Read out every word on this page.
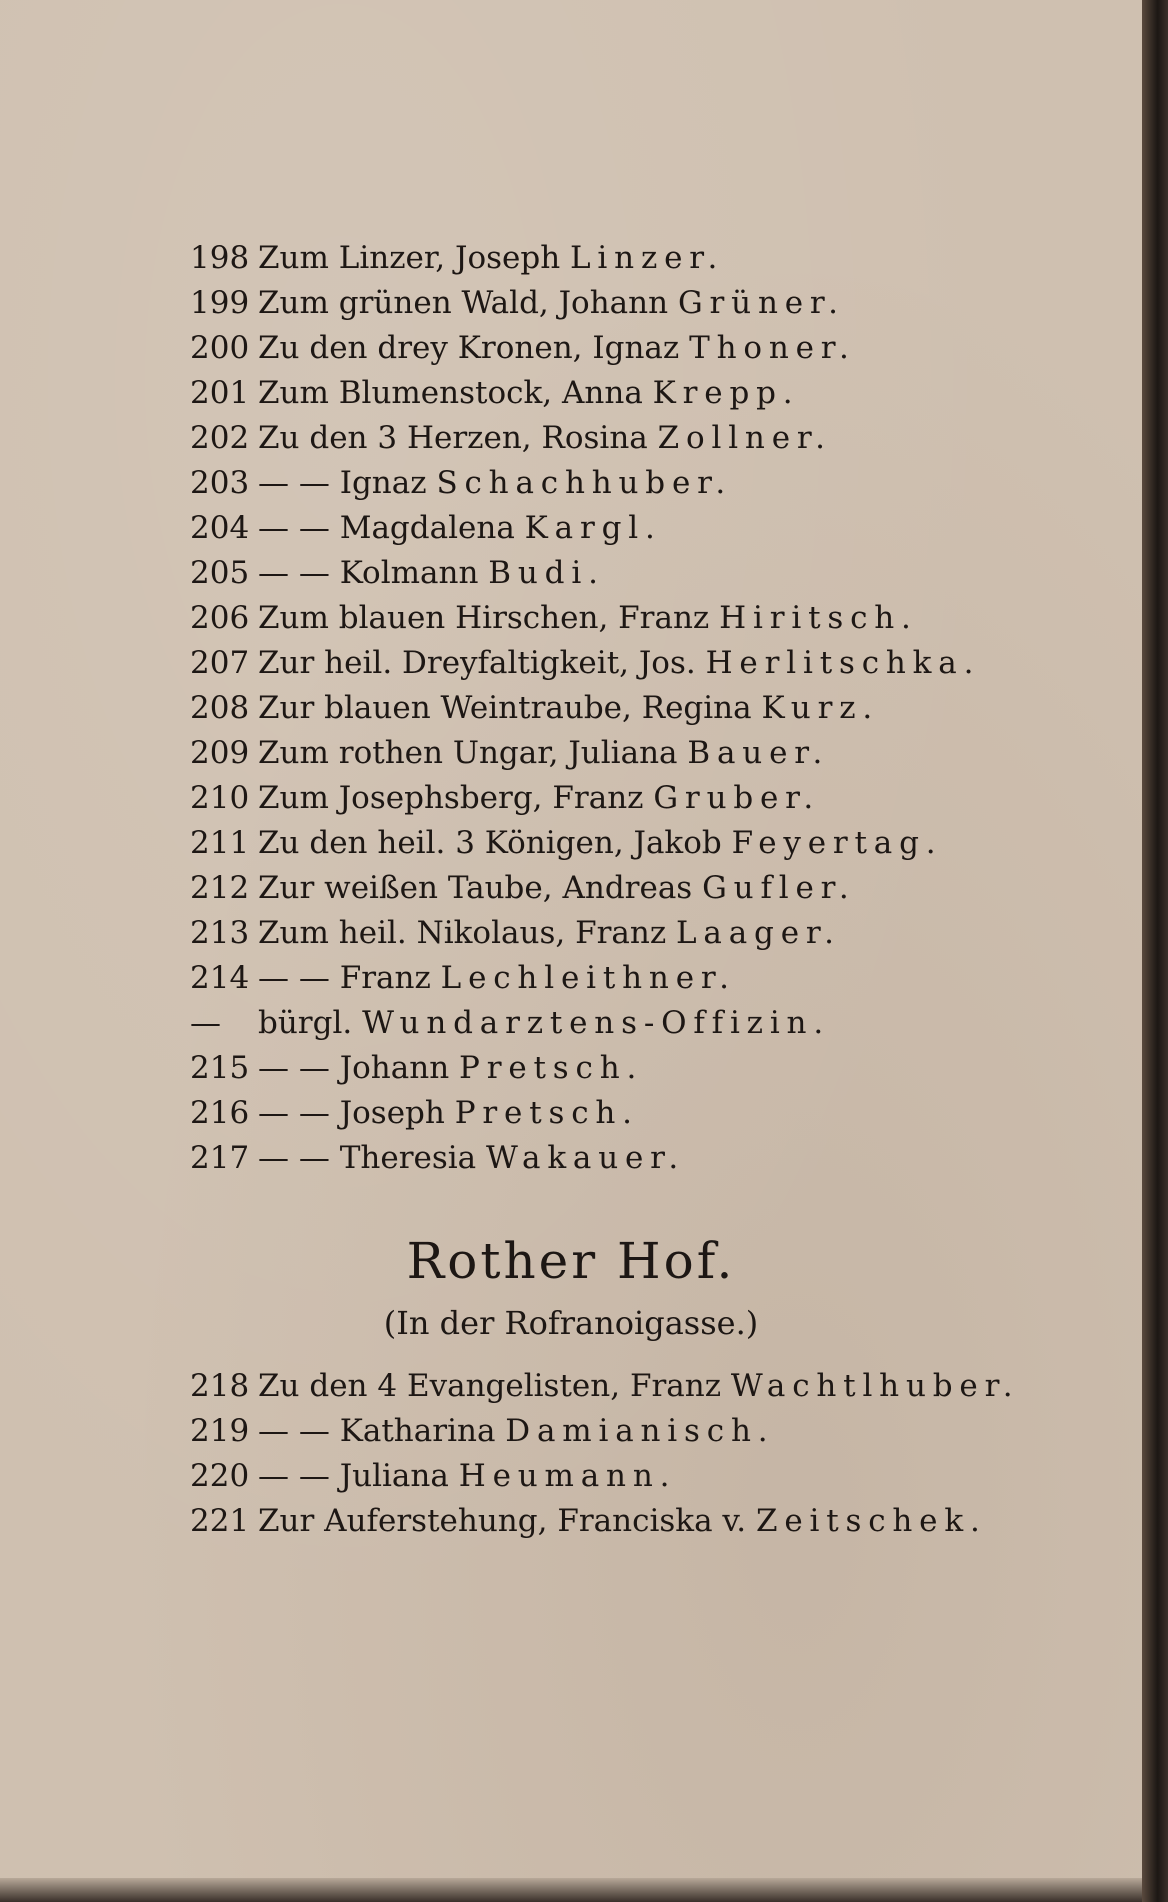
198 Zum Linzer, Joseph Linzer.
199 Zum grünen Wald, Johann Grüner.
200 Zu den drey Kronen, Ignaz Thoner.
201 Zum Blumenstock, Anna Krepp.
202 Zu den 3 Herzen, Rosina Zollner.
203 — — Ignaz Schachhuber.
204 — — Magdalena Kargl.
205 — — Kolmann Budi.
206 Zum blauen Hirschen, Franz Hiritsch.
207 Zur heil. Dreyfaltigkeit, Jos. Herlitschka.
208 Zur blauen Weintraube, Regina Kurz.
209 Zum rothen Ungar, Juliana Bauer.
210 Zum Josephsberg, Franz Gruber.
211 Zu den heil. 3 Königen, Jakob Feyertag.
212 Zur weißen Taube, Andreas Gufler.
213 Zum heil. Nikolaus, Franz Laager.
214 — — Franz Lechleithner.
—	bürgl. Wundarztens-Offizin.
215 — — Johann Pretsch.
216 — — Joseph Pretsch.
217 — — Theresia Wakauer.
Rother Hof.
(In der Rofranoigasse.)
218 Zu den 4 Evangelisten, Franz Wachtlhuber.
219 — — Katharina Damianisch.
220 — — Juliana Heumann.
221 Zur Auferstehung, Franciska v. Zeitschek.
